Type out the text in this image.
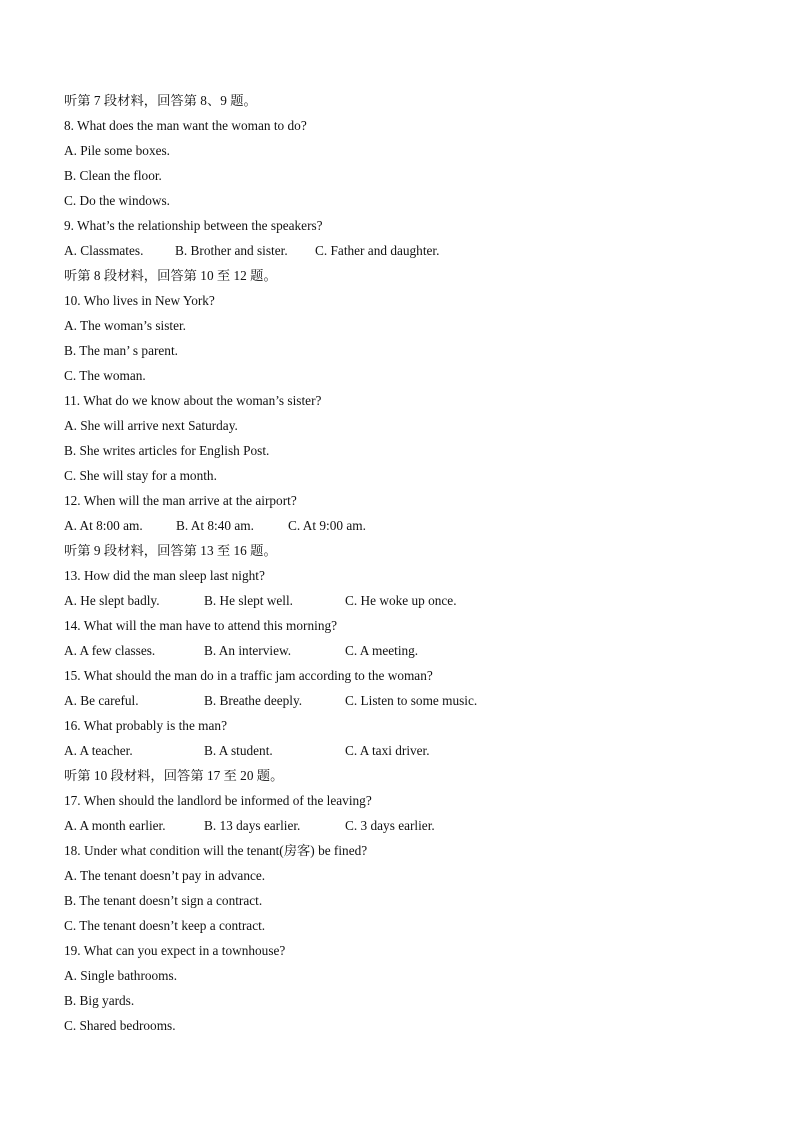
听第 7 段材料，回答第 8、9 题。
8. What does the man want the woman to do?
A. Pile some boxes.
B. Clean the floor.
C. Do the windows.
9. What’s the relationship between the speakers?
A. Classmates. B. Brother and sister. C. Father and daughter.
听第 8 段材料，回答第 10 至 12 题。
10. Who lives in New York?
A. The woman’s sister.
B. The man’ s parent.
C. The woman.
11. What do we know about the woman’s sister?
A. She will arrive next Saturday.
B. She writes articles for English Post.
C. She will stay for a month.
12. When will the man arrive at the airport?
A. At 8:00 am.	B. At 8:40 am.	C. At 9:00 am.
听第 9 段材料，回答第 13 至 16 题。
13. How did the man sleep last night?
A. He slept badly.	B. He slept well.	C. He woke up once.
14. What will the man have to attend this morning?
A. A few classes.	B. An interview.	C. A meeting.
15. What should the man do in a traffic jam according to the woman?
A. Be careful.	B. Breathe deeply.	C. Listen to some music.
16. What probably is the man?
A. A teacher.	B. A student.	C. A taxi driver.
听第 10 段材料，回答第 17 至 20 题。
17. When should the landlord be informed of the leaving?
A. A month earlier.	B. 13 days earlier.	C. 3 days earlier.
18. Under what condition will the tenant(房客) be fined?
A. The tenant doesn’t pay in advance.
B. The tenant doesn’t sign a contract.
C. The tenant doesn’t keep a contract.
19. What can you expect in a townhouse?
A. Single bathrooms.
B. Big yards.
C. Shared bedrooms.
